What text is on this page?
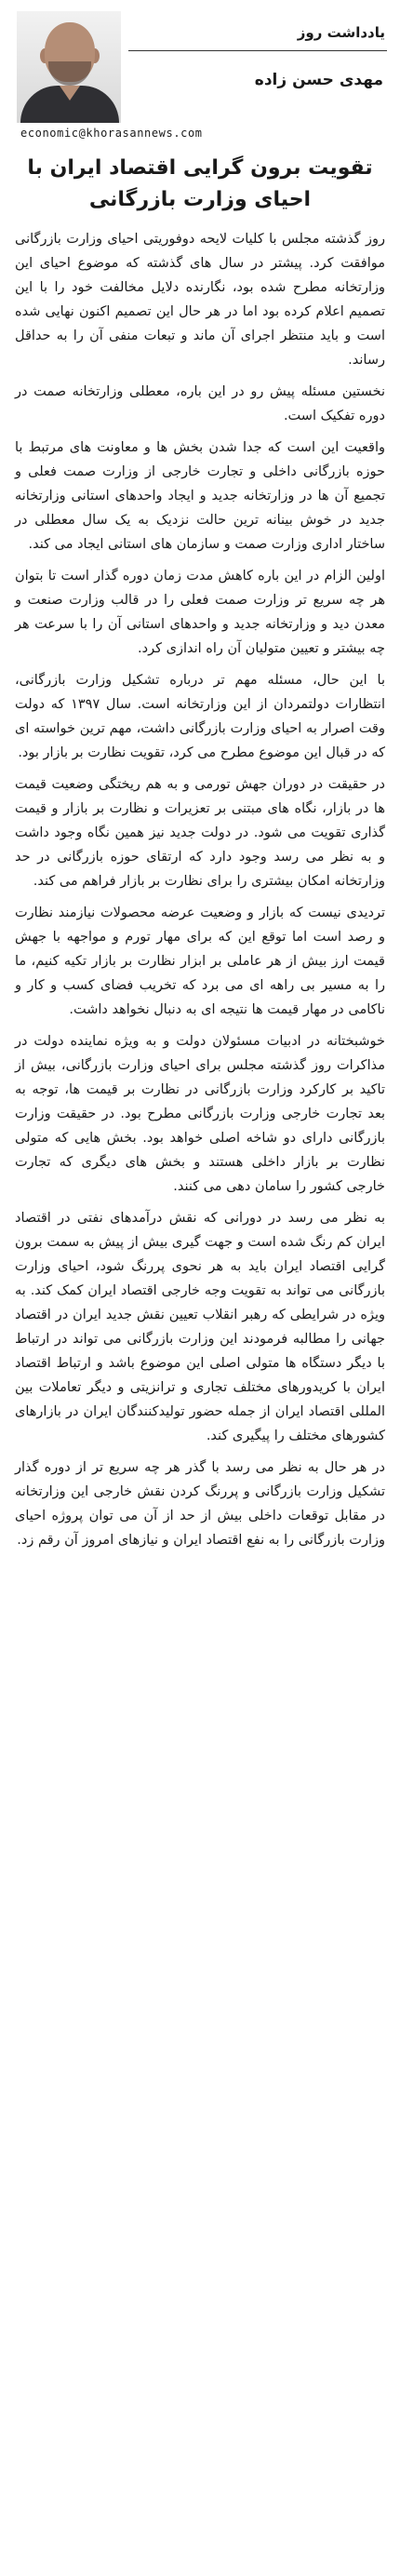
یادداشت روز
مهدی حسن زاده
economic@khorasannews.com
تقویت برون گرایی اقتصاد ایران با احیای وزارت بازرگانی

روز گذشته مجلس با کلیات لایحه دوفوریتی احیای وزارت بازرگانی موافقت کرد. پیشتر در سال های گذشته که موضوع احیای این وزارتخانه مطرح شده بود، نگارنده دلایل مخالفت خود را با این تصمیم اعلام کرده بود اما در هر حال این تصمیم اکنون نهایی شده است و باید منتظر اجرای آن ماند و تبعات منفی آن را به حداقل رساند.

نخستین مسئله پیش رو در این باره، معطلی وزارتخانه صمت در دوره تفکیک است.

واقعیت این است که جدا شدن بخش ها و معاونت های مرتبط با حوزه بازرگانی داخلی و تجارت خارجی از وزارت صمت فعلی و تجمیع آن ها در وزارتخانه جدید و ایجاد واحدهای استانی وزارتخانه جدید در خوش بینانه ترین حالت نزدیک به یک سال معطلی در ساختار اداری وزارت صمت و سازمان های استانی ایجاد می کند.

اولین الزام در این باره کاهش مدت زمان دوره گذار است تا بتوان هر چه سریع تر وزارت صمت فعلی را در قالب وزارت صنعت و معدن دید و وزارتخانه جدید و واحدهای استانی آن را با سرعت هر چه بیشتر و تعیین متولیان آن راه اندازی کرد.

با این حال، مسئله مهم تر درباره تشکیل وزارت بازرگانی، انتظارات دولتمردان از این وزارتخانه است. سال ۱۳۹۷ که دولت وقت اصرار به احیای وزارت بازرگانی داشت، مهم ترین خواسته ای که در قبال این موضوع مطرح می کرد، تقویت نظارت بر بازار بود.

در حقیقت در دوران جهش تورمی و به هم ریختگی وضعیت قیمت ها در بازار، نگاه های مبتنی بر تعزیرات و نظارت بر بازار و قیمت گذاری تقویت می شود. در دولت جدید نیز همین نگاه وجود داشت و به نظر می رسد وجود دارد که ارتقای حوزه بازرگانی در حد وزارتخانه امکان بیشتری را برای نظارت بر بازار فراهم می کند.

تردیدی نیست که بازار و وضعیت عرضه محصولات نیازمند نظارت و رصد است اما توقع این که برای مهار تورم و مواجهه با جهش قیمت ارز بیش از هر عاملی بر ابزار نظارت بر بازار تکیه کنیم، ما را به مسیر بی راهه ای می برد که تخریب فضای کسب و کار و ناکامی در مهار قیمت ها نتیجه ای به دنبال نخواهد داشت.

خوشبختانه در ادبیات مسئولان دولت و به ویژه نماینده دولت در مذاکرات روز گذشته مجلس برای احیای وزارت بازرگانی، بیش از تاکید بر کارکرد وزارت بازرگانی در نظارت بر قیمت ها، توجه به بعد تجارت خارجی وزارت بازرگانی مطرح بود. در حقیقت وزارت بازرگانی دارای دو شاخه اصلی خواهد بود. بخش هایی که متولی نظارت بر بازار داخلی هستند و بخش های دیگری که تجارت خارجی کشور را سامان دهی می کنند.

به نظر می رسد در دورانی که نقش درآمدهای نفتی در اقتصاد ایران کم رنگ شده است و جهت گیری بیش از پیش به سمت برون گرایی اقتصاد ایران باید به هر نحوی پررنگ شود، احیای وزارت بازرگانی می تواند به تقویت وجه خارجی اقتصاد ایران کمک کند. به ویژه در شرایطی که رهبر انقلاب تعیین نقش جدید ایران در اقتصاد جهانی را مطالبه فرمودند این وزارت بازرگانی می تواند در ارتباط با دیگر دستگاه ها متولی اصلی این موضوع باشد و ارتباط اقتصاد ایران با کریدورهای مختلف تجاری و ترانزیتی و دیگر تعاملات بین المللی اقتصاد ایران از جمله حضور تولیدکنندگان ایران در بازارهای کشورهای مختلف را پیگیری کند.

در هر حال به نظر می رسد با گذر هر چه سریع تر از دوره گذار تشکیل وزارت بازرگانی و پررنگ کردن نقش خارجی این وزارتخانه در مقابل توقعات داخلی بیش از حد از آن می توان پروژه احیای وزارت بازرگانی را به نفع اقتصاد ایران و نیازهای امروز آن رقم زد.
